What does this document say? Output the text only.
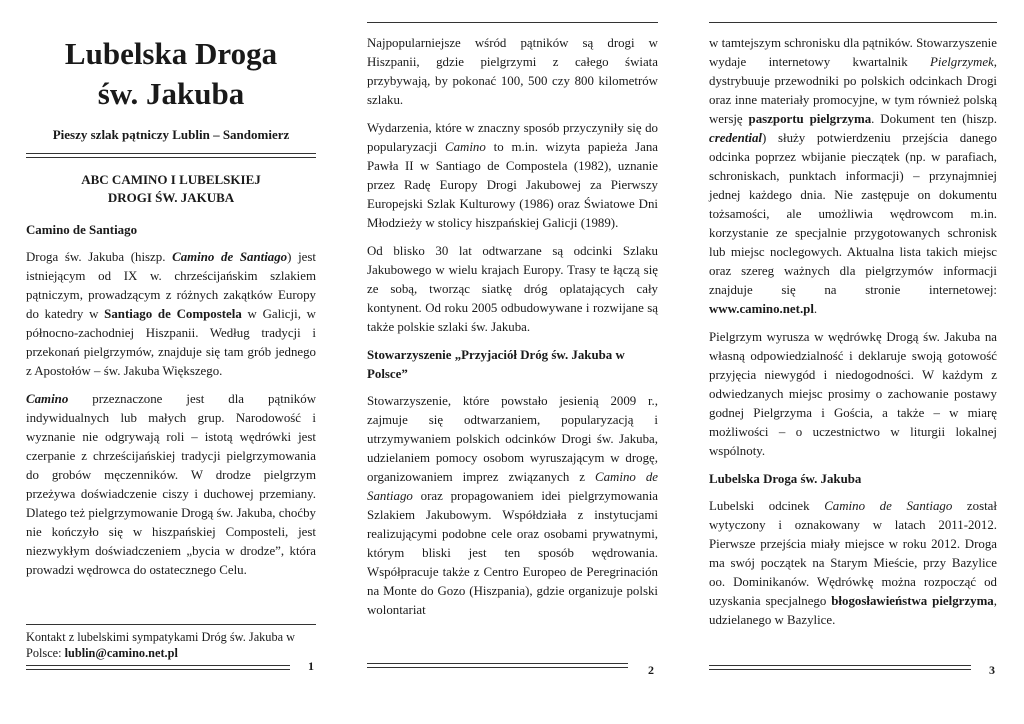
Lubelska Droga
św. Jakuba
Pieszy szlak pątniczy Lublin – Sandomierz
ABC CAMINO I LUBELSKIEJ
DROGI ŚW. JAKUBA
Camino de Santiago

Droga św. Jakuba (hiszp. Camino de Santiago) jest istniejącym od IX w. chrześcijańskim szlakiem pątniczym, prowadzącym z różnych zakątków Europy do katedry w Santiago de Compostela w Galicji, w północno-zachodniej Hiszpanii. Według tradycji i przekonań pielgrzymów, znajduje się tam grób jednego z Apostołów – św. Jakuba Większego.

Camino przeznaczone jest dla pątników indywidualnych lub małych grup. Narodowość i wyznanie nie odgrywają roli – istotą wędrówki jest czerpanie z chrześcijańskiej tradycji pielgrzymowania do grobów męczenników. W drodze pielgrzym przeżywa doświadczenie ciszy i duchowej przemiany. Dlatego też pielgrzymowanie Drogą św. Jakuba, choćby nie kończyło się w hiszpańskiej Composteli, jest niezwykłym doświadczeniem „bycia w drodze”, która prowadzi wędrowca do ostatecznego Celu.

Kontakt z lubelskimi sympatykami Dróg św. Jakuba w Polsce: lublin@camino.net.pl
1

Najpopularniejsze wśród pątników są drogi w Hiszpanii, gdzie pielgrzymi z całego świata przybywają, by pokonać 100, 500 czy 800 kilometrów szlaku.

Wydarzenia, które w znaczny sposób przyczyniły się do popularyzacji Camino to m.in. wizyta papieża Jana Pawła II w Santiago de Compostela (1982), uznanie przez Radę Europy Drogi Jakubowej za Pierwszy Europejski Szlak Kulturowy (1986) oraz Światowe Dni Młodzieży w stolicy hiszpańskiej Galicji (1989).

Od blisko 30 lat odtwarzane są odcinki Szlaku Jakubowego w wielu krajach Europy. Trasy te łączą się ze sobą, tworząc siatkę dróg oplatających cały kontynent. Od roku 2005 odbudowywane i rozwijane są także polskie szlaki św. Jakuba.

Stowarzyszenie „Przyjaciół Dróg św. Jakuba w Polsce”

Stowarzyszenie, które powstało jesienią 2009 r., zajmuje się odtwarzaniem, popularyzacją i utrzymywaniem polskich odcinków Drogi św. Jakuba, udzielaniem pomocy osobom wyruszającym w drogę, organizowaniem imprez związanych z Camino de Santiago oraz propagowaniem idei pielgrzymowania Szlakiem Jakubowym. Współdziała z instytucjami realizującymi podobne cele oraz osobami prywatnymi, którym bliski jest ten sposób wędrowania. Współpracuje także z Centro Europeo de Peregrinación na Monte do Gozo (Hiszpania), gdzie organizuje polski wolontariat

2

w tamtejszym schronisku dla pątników. Stowarzyszenie wydaje internetowy kwartalnik Pielgrzymek, dystrybuuje przewodniki po polskich odcinkach Drogi oraz inne materiały promocyjne, w tym również polską wersję paszportu pielgrzyma. Dokument ten (hiszp. credential) służy potwierdzeniu przejścia danego odcinka poprzez wbijanie pieczątek (np. w parafiach, schroniskach, punktach informacji) – przynajmniej jednej każdego dnia. Nie zastępuje on dokumentu tożsamości, ale umożliwia wędrowcom m.in. korzystanie ze specjalnie przygotowanych schronisk lub miejsc noclegowych. Aktualna lista takich miejsc oraz szereg ważnych dla pielgrzymów informacji znajduje się na stronie internetowej: www.camino.net.pl.

Pielgrzym wyrusza w wędrówkę Drogą św. Jakuba na własną odpowiedzialność i deklaruje swoją gotowość przyjęcia niewygód i niedogodności. W każdym z odwiedzanych miejsc prosimy o zachowanie postawy godnej Pielgrzyma i Gościa, a także – w miarę możliwości – o uczestnictwo w liturgii lokalnej wspólnoty.

Lubelska Droga św. Jakuba

Lubelski odcinek Camino de Santiago został wytyczony i oznakowany w latach 2011-2012. Pierwsze przejścia miały miejsce w roku 2012. Droga ma swój początek na Starym Mieście, przy Bazylice oo. Dominikanów. Wędrówkę można rozpocząć od uzyskania specjalnego błogosławieństwa pielgrzyma, udzielanego w Bazylice.

3
